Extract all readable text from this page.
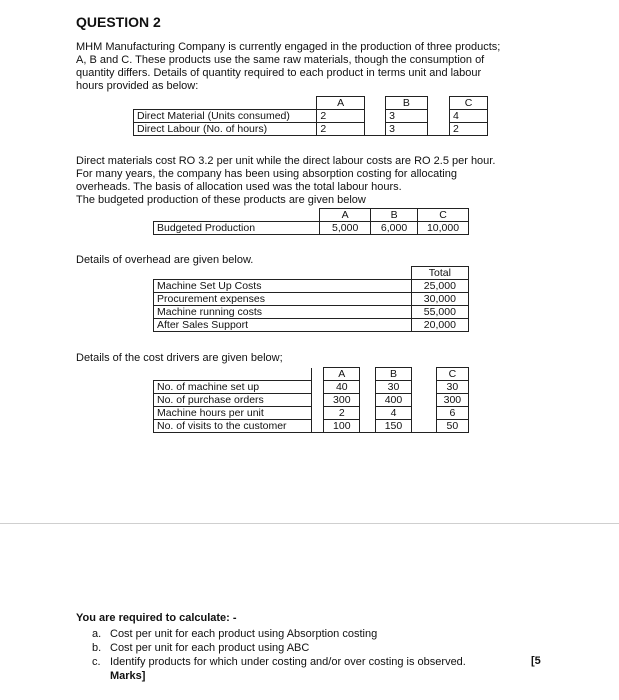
QUESTION 2
MHM Manufacturing Company is currently engaged in the production of three products;
A, B and C. These products use the same raw materials, though the consumption of
quantity differs. Details of quantity required to each product in terms unit and labour
hours provided as below:
	A		B		C
Direct Material (Units consumed)	2		3		4
Direct Labour (No. of hours)	2		3		2
Direct materials cost RO 3.2 per unit while the direct labour costs are RO 2.5 per hour.
For many years, the company has been using absorption costing for allocating
overheads. The basis of allocation used was the total labour hours.
The budgeted production of these products are given below
	A	B	C
Budgeted Production	5,000	6,000	10,000
Details of overhead are given below.
	Total
Machine Set Up Costs	25,000
Procurement expenses	30,000
Machine running costs	55,000
After Sales Support	20,000
Details of the cost drivers are given below;
		A		B		C
No. of machine set up		40		30		30
No. of purchase orders		300		400		300
Machine hours per unit		2		4		6
No. of visits to the customer		100		150		50
You are required to calculate: -
a. Cost per unit for each product using Absorption costing
b. Cost per unit for each product using ABC
c. Identify products for which under costing and/or over costing is observed.
Marks]
[5
